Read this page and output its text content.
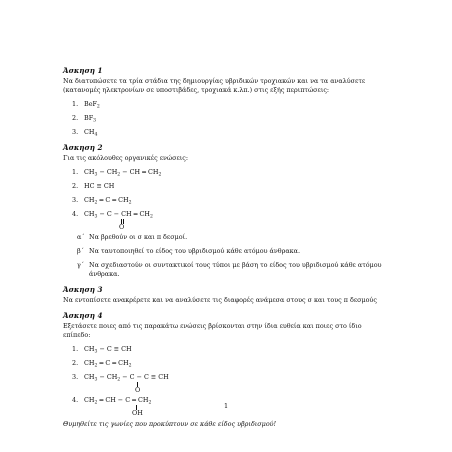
Άσκηση 1
Να διατυπώσετε τα τρία στάδια της δημιουργίας υβριδικών τροχιακών και να τα αναλύσετε (κατανομές ηλεκτρονίων σε υποστιβάδες, τροχιακά κ.λπ.) στις εξής περιπτώσεις:
1. BeF$_2$
2. $BF_3$
3. $CH_4$
Άσκηση 2
Για τις ακόλουθες οργανικές ενώσεις:
1. $CH_3 - CH_2$ − CH ═ $CH_2$
2. HC ≡ CH
3. $CH_2$ ═ C ═ $CH_2$
4. $CH_3 - C$ − CH ═ $CH_2$
O
α΄ Να βρεθούν οι σ και π δεσμοί.
β΄ Να ταυτοποιηθεί το είδος του υβριδισμού κάθε ατόμου άνθρακα.
γ΄ Να σχεδιαστούν οι συντακτικοί τους τύποι με βάση το είδος του υβριδισμού κάθε ατόμου άνθρακα.
Άσκηση 3
Να εντοπίσετε ανακρέρετε και να αναλύσετε τις διαφορές ανάμεσα στους σ και τους π δεσμούς
Άσκηση 4
Εξετάσετε ποιες από τις παρακάτω ενώσεις βρίσκονται στην ίδια ευθεία και ποιες στο ίδιο επίπεδο:
1. $CH_3 - C$ ≡ CH
2. $CH_2$ ═ C ═ $CH_2$
3. $CH_3 - CH_2 - C - C$ ≡ CH
O
4. $CH_2$ ═ CH − C ═ $CH_2$
OH
Θυμηθείτε τις γωνίες που προκύπτουν σε κάθε είδος υβριδισμού!
1
